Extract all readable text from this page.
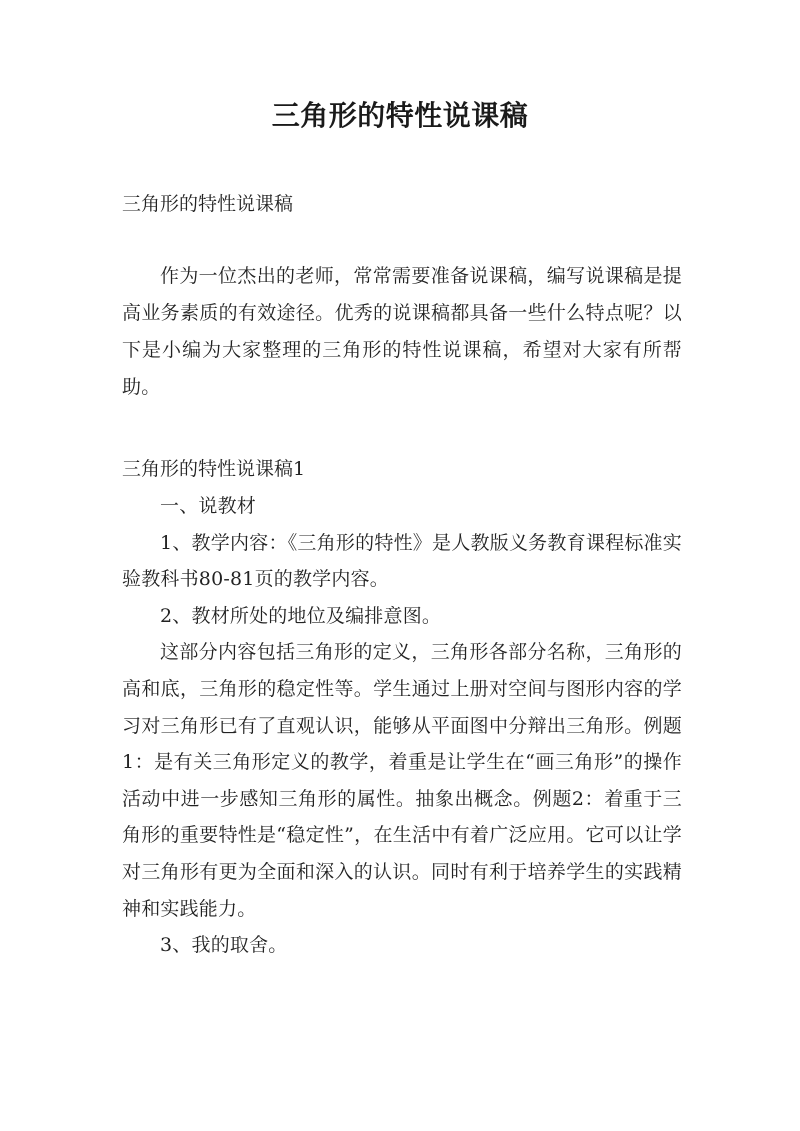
三角形的特性说课稿

三角形的特性说课稿

作为一位杰出的老师，常常需要准备说课稿，编写说课稿是提高业务素质的有效途径。优秀的说课稿都具备一些什么特点呢？以下是小编为大家整理的三角形的特性说课稿，希望对大家有所帮助。

三角形的特性说课稿1

一、说教材

1、教学内容：《三角形的特性》是人教版义务教育课程标准实验教科书80-81页的教学内容。

2、教材所处的地位及编排意图。

这部分内容包括三角形的定义，三角形各部分名称，三角形的高和底，三角形的稳定性等。学生通过上册对空间与图形内容的学习对三角形已有了直观认识，能够从平面图中分辩出三角形。例题1：是有关三角形定义的教学，着重是让学生在“画三角形”的操作活动中进一步感知三角形的属性。抽象出概念。例题2：着重于三角形的重要特性是“稳定性”，在生活中有着广泛应用。它可以让学对三角形有更为全面和深入的认识。同时有利于培养学生的实践精神和实践能力。

3、我的取舍。
